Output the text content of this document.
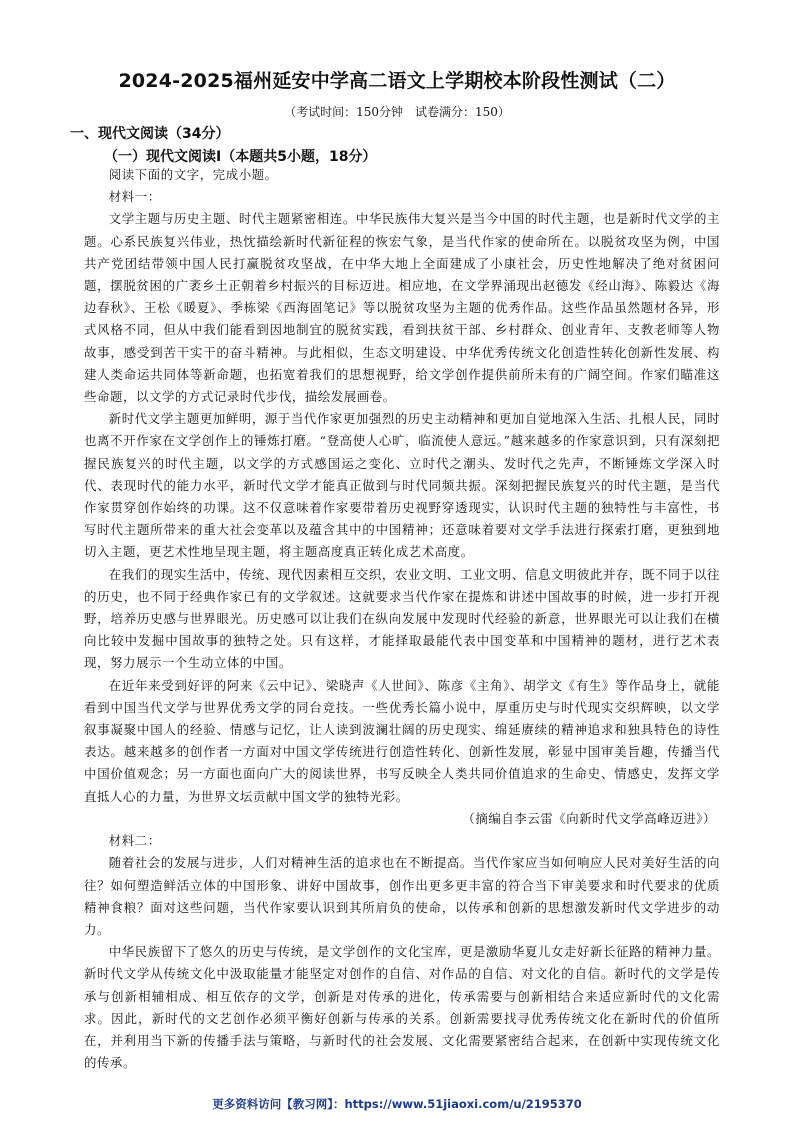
2024-2025福州延安中学高二语文上学期校本阶段性测试（二）
（考试时间：150分钟　试卷满分：150）
一、现代文阅读（34分）
（一）现代文阅读Ⅰ（本题共5小题，18分）

阅读下面的文字，完成小题。

材料一：

文学主题与历史主题、时代主题紧密相连。中华民族伟大复兴是当今中国的时代主题，也是新时代文学的主题。心系民族复兴伟业，热忱描绘新时代新征程的恢宏气象，是当代作家的使命所在。以脱贫攻坚为例，中国共产党团结带领中国人民打赢脱贫攻坚战，在中华大地上全面建成了小康社会，历史性地解决了绝对贫困问题，摆脱贫困的广袤乡土正朝着乡村振兴的目标迈进。相应地，在文学界涌现出赵德发《经山海》、陈毅达《海边春秋》、王松《暖夏》、季栋梁《西海固笔记》等以脱贫攻坚为主题的优秀作品。这些作品虽然题材各异，形式风格不同，但从中我们能看到因地制宜的脱贫实践，看到扶贫干部、乡村群众、创业青年、支教老师等人物故事，感受到苦干实干的奋斗精神。与此相似，生态文明建设、中华优秀传统文化创造性转化创新性发展、构建人类命运共同体等新命题，也拓宽着我们的思想视野，给文学创作提供前所未有的广阔空间。作家们瞄准这些命题，以文学的方式记录时代步伐，描绘发展画卷。

新时代文学主题更加鲜明，源于当代作家更加强烈的历史主动精神和更加自觉地深入生活、扎根人民，同时也离不开作家在文学创作上的锤炼打磨。“登高使人心旷，临流使人意远。”越来越多的作家意识到，只有深刻把握民族复兴的时代主题，以文学的方式感国运之变化、立时代之潮头、发时代之先声，不断锤炼文学深入时代、表现时代的能力水平，新时代文学才能真正做到与时代同频共振。深刻把握民族复兴的时代主题，是当代作家贯穿创作始终的功课。这不仅意味着作家要带着历史视野穿透现实，认识时代主题的独特性与丰富性，书写时代主题所带来的重大社会变革以及蕴含其中的中国精神；还意味着要对文学手法进行探索打磨，更独到地切入主题，更艺术性地呈现主题，将主题高度真正转化成艺术高度。

在我们的现实生活中，传统、现代因素相互交织，农业文明、工业文明、信息文明彼此并存，既不同于以往的历史，也不同于经典作家已有的文学叙述。这就要求当代作家在提炼和讲述中国故事的时候，进一步打开视野，培养历史感与世界眼光。历史感可以让我们在纵向发展中发现时代经验的新意，世界眼光可以让我们在横向比较中发掘中国故事的独特之处。只有这样，才能择取最能代表中国变革和中国精神的题材，进行艺术表现，努力展示一个生动立体的中国。

在近年来受到好评的阿来《云中记》、梁晓声《人世间》、陈彦《主角》、胡学文《有生》等作品身上，就能看到中国当代文学与世界优秀文学的同台竞技。一些优秀长篇小说中，厚重历史与时代现实交织辉映，以文学叙事凝聚中国人的经验、情感与记忆，让人读到波澜壮阔的历史现实、绵延赓续的精神追求和独具特色的诗性表达。越来越多的创作者一方面对中国文学传统进行创造性转化、创新性发展，彰显中国审美旨趣，传播当代中国价值观念；另一方面也面向广大的阅读世界，书写反映全人类共同价值追求的生命史、情感史，发挥文学直抵人心的力量，为世界文坛贡献中国文学的独特光彩。

（摘编自李云雷《向新时代文学高峰迈进》）

材料二：

随着社会的发展与进步，人们对精神生活的追求也在不断提高。当代作家应当如何响应人民对美好生活的向往？如何塑造鲜活立体的中国形象、讲好中国故事，创作出更多更丰富的符合当下审美要求和时代要求的优质精神食粮？面对这些问题，当代作家要认识到其所肩负的使命，以传承和创新的思想激发新时代文学进步的动力。

中华民族留下了悠久的历史与传统，是文学创作的文化宝库，更是激励华夏儿女走好新长征路的精神力量。新时代文学从传统文化中汲取能量才能坚定对创作的自信、对作品的自信、对文化的自信。新时代的文学是传承与创新相辅相成、相互依存的文学，创新是对传承的进化，传承需要与创新相结合来适应新时代的文化需求。因此，新时代的文艺创作必须平衡好创新与传承的关系。创新需要找寻优秀传统文化在新时代的价值所在，并利用当下新的传播手法与策略，与新时代的社会发展、文化需要紧密结合起来，在创新中实现传统文化的传承。

更多资料访问【教习网】：https://www.51jiaoxi.com/u/2195370
